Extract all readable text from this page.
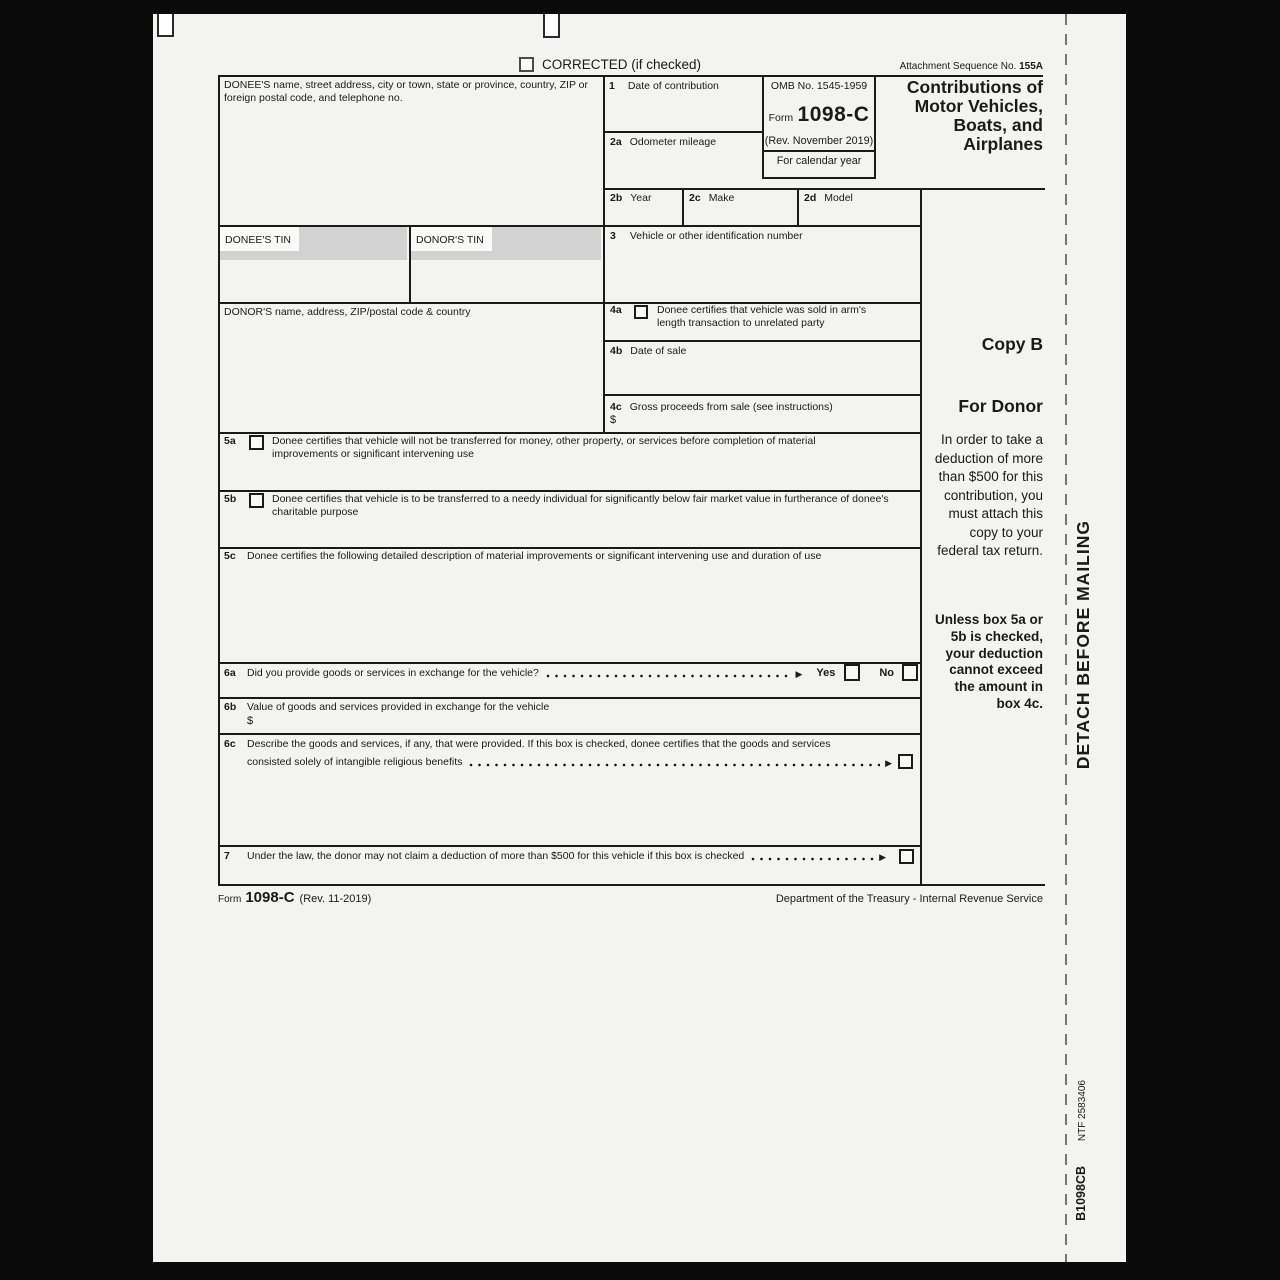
CORRECTED (if checked)	Attachment Sequence No. 155A
DONEE'S name, street address, city or town, state or province, country, ZIP or foreign postal code, and telephone no.
1 Date of contribution	OMB No. 1545-1959
Form 1098-C
(Rev. November 2019)
For calendar year
Contributions of
Motor Vehicles,
Boats, and
Airplanes
2a Odometer mileage
2b Year	2c Make	2d Model
DONEE'S TIN	DONOR'S TIN	3 Vehicle or other identification number
DONOR'S name, address, ZIP/postal code & country	4a	Donee certifies that vehicle was sold in arm's length transaction to unrelated party
4b Date of sale
4c Gross proceeds from sale (see instructions)
$
5a	Donee certifies that vehicle will not be transferred for money, other property, or services before completion of material improvements or significant intervening use
5b	Donee certifies that vehicle is to be transferred to a needy individual for significantly below fair market value in furtherance of donee's charitable purpose
5c	Donee certifies the following detailed description of material improvements or significant intervening use and duration of use
6a	Did you provide goods or services in exchange for the vehicle?	▶ Yes	No
6b	Value of goods and services provided in exchange for the vehicle
$
6c	Describe the goods and services, if any, that were provided. If this box is checked, donee certifies that the goods and services
consisted solely of intangible religious benefits	▶
7	Under the law, the donor may not claim a deduction of more than $500 for this vehicle if this box is checked	▶
Copy B
For Donor
In order to take a deduction of more than $500 for this contribution, you must attach this copy to your federal tax return.
Unless box 5a or 5b is checked, your deduction cannot exceed the amount in box 4c.
Form 1098-C (Rev. 11-2019)	Department of the Treasury - Internal Revenue Service
DETACH BEFORE MAILING
NTF 2583406
B1098CB
